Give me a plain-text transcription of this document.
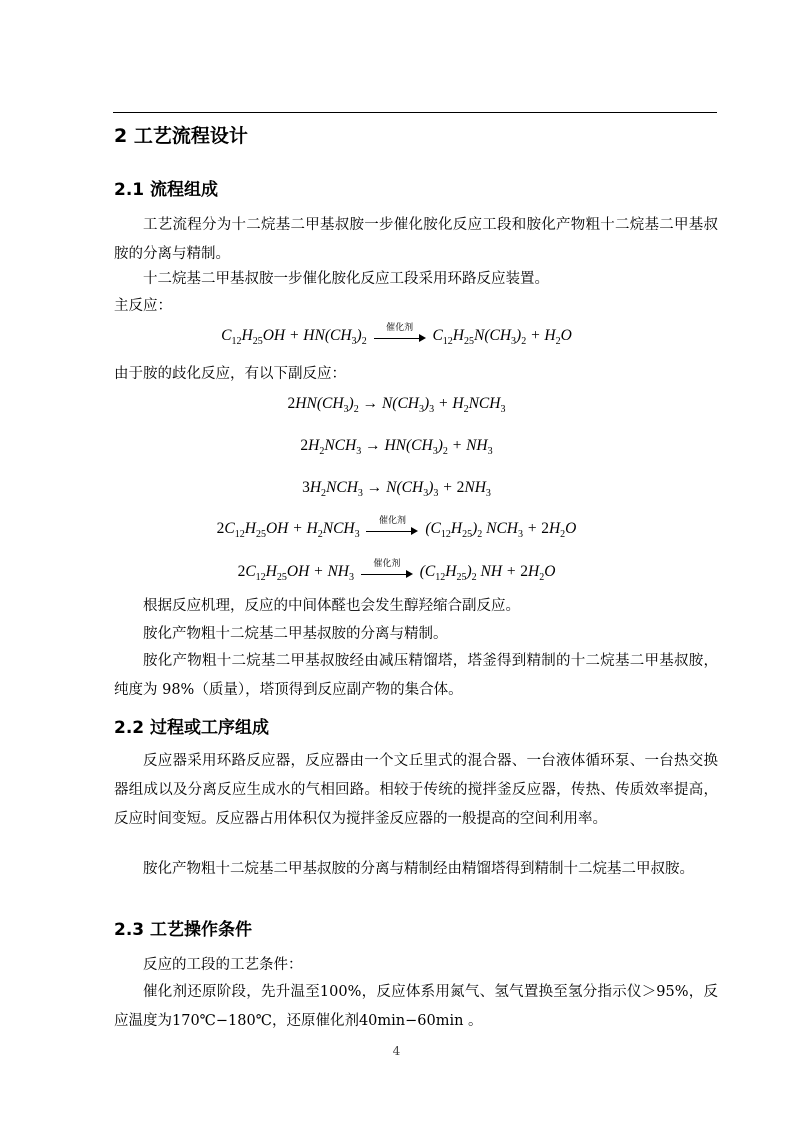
2 工艺流程设计
2.1 流程组成

工艺流程分为十二烷基二甲基叔胺一步催化胺化反应工段和胺化产物粗十二烷基二甲基叔胺的分离与精制。

十二烷基二甲基叔胺一步催化胺化反应工段采用环路反应装置。

主反应：

$C_{12}H_{25}OH + HN(CH_3)_2$
催化剂	$C_{12}H_{25}N(CH_3)_2 + H_2O$

由于胺的歧化反应，有以下副反应：

$2HN(CH_3)_2 \to N(CH_3)_3 + H_2NCH_3$
$2H_2NCH_3 \to HN(CH_3)_2 + NH_3$
$3H_2NCH_3 \to N(CH_3)_3 + 2NH_3$
$2C_{12}H_{25}OH + H_2NCH_3$
催化剂	$(C_{12}H_{25})_2$ $NCH_3 + 2H_2O$
$2C_{12}H_{25}OH + NH_3$
催化剂	$(C_{12}H_{25})_2$ NH + $2H_2O$

根据反应机理，反应的中间体醛也会发生醇羟缩合副反应。

胺化产物粗十二烷基二甲基叔胺的分离与精制。

胺化产物粗十二烷基二甲基叔胺经由减压精馏塔，塔釜得到精制的十二烷基二甲基叔胺，纯度为 98%（质量），塔顶得到反应副产物的集合体。

2.2 过程或工序组成

反应器采用环路反应器，反应器由一个文丘里式的混合器、一台液体循环泵、一台热交换器组成以及分离反应生成水的气相回路。相较于传统的搅拌釜反应器，传热、传质效率提高，反应时间变短。反应器占用体积仅为搅拌釜反应器的一般提高的空间利用率。

胺化产物粗十二烷基二甲基叔胺的分离与精制经由精馏塔得到精制十二烷基二甲叔胺。

2.3 工艺操作条件

反应的工段的工艺条件：

催化剂还原阶段，先升温至100%，反应体系用氮气、氢气置换至氢分指示仪＞95%，反应温度为170℃−180℃，还原催化剂40min−60min 。

4
